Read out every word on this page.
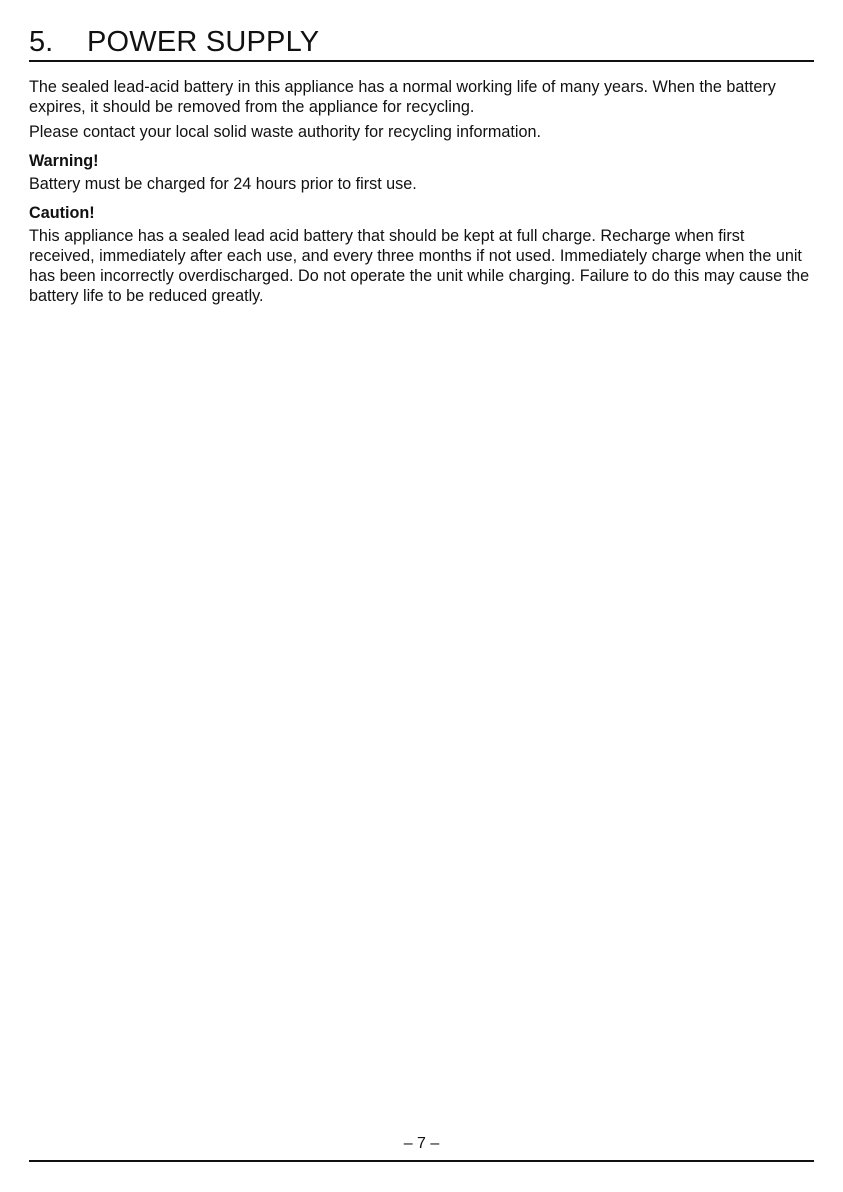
5. POWER SUPPLY

The sealed lead-acid battery in this appliance has a normal working life of many years. When the battery expires, it should be removed from the appliance for recycling.

Please contact your local solid waste authority for recycling information.

Warning!

Battery must be charged for 24 hours prior to first use.

Caution!

This appliance has a sealed lead acid battery that should be kept at full charge. Recharge when first received, immediately after each use, and every three months if not used. Immediately charge when the unit has been incorrectly overdischarged. Do not operate the unit while charging. Failure to do this may cause the battery life to be reduced greatly.

– 7 –
